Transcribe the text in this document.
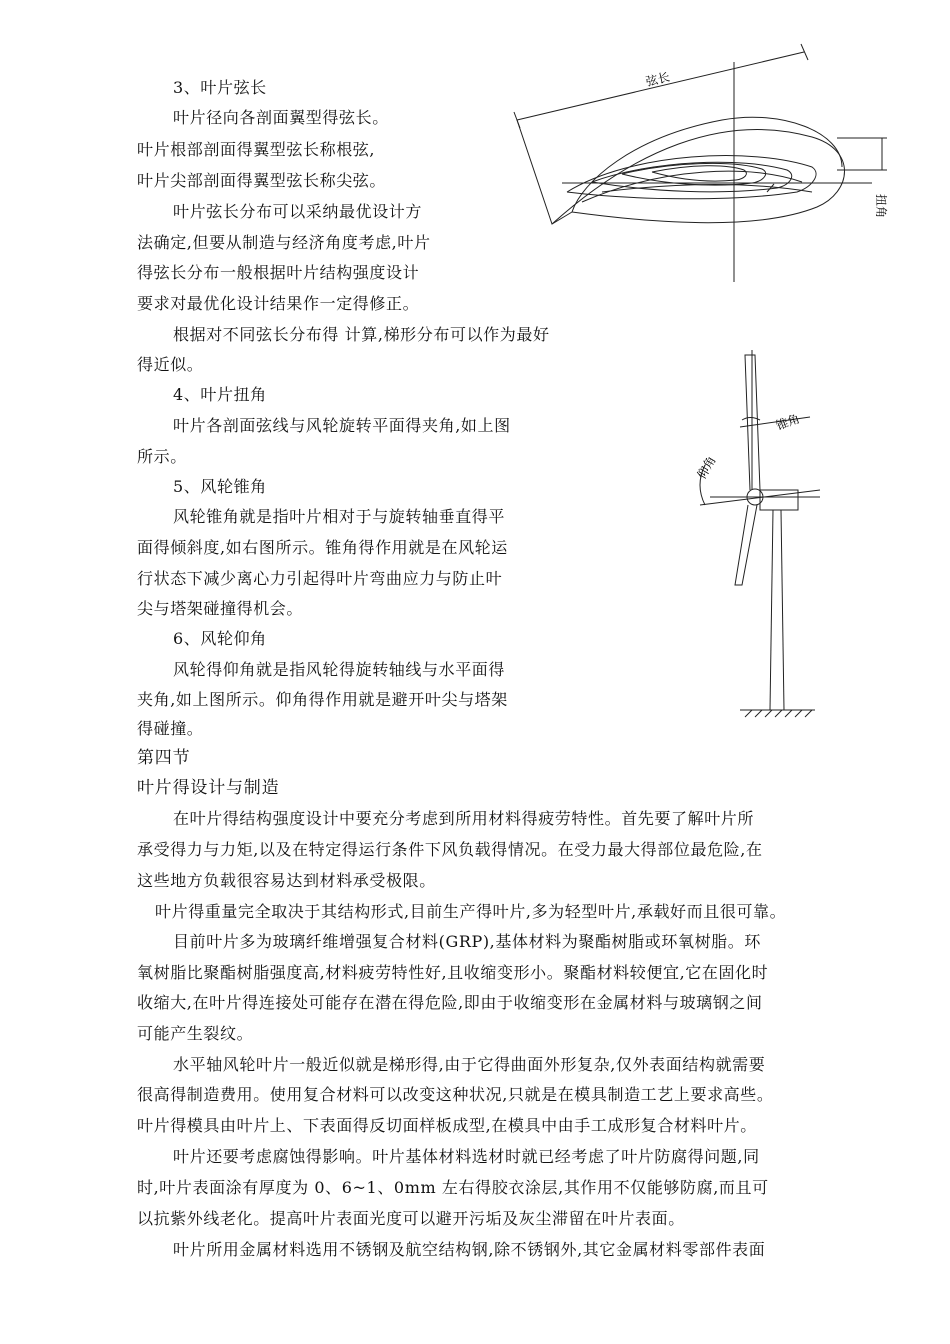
3、叶片弦长
叶片径向各剖面翼型得弦长。
叶片根部剖面得翼型弦长称根弦,
叶片尖部剖面得翼型弦长称尖弦。
叶片弦长分布可以采纳最优设计方
法确定,但要从制造与经济角度考虑,叶片
得弦长分布一般根据叶片结构强度设计
要求对最优化设计结果作一定得修正。
根据对不同弦长分布得 计算,梯形分布可以作为最好
得近似。
4、叶片扭角
叶片各剖面弦线与风轮旋转平面得夹角,如上图
所示。
5、风轮锥角
风轮锥角就是指叶片相对于与旋转轴垂直得平
面得倾斜度,如右图所示。锥角得作用就是在风轮运
行状态下减少离心力引起得叶片弯曲应力与防止叶
尖与塔架碰撞得机会。
6、风轮仰角
风轮得仰角就是指风轮得旋转轴线与水平面得
夹角,如上图所示。仰角得作用就是避开叶尖与塔架
得碰撞。
第四节
叶片得设计与制造
在叶片得结构强度设计中要充分考虑到所用材料得疲劳特性。首先要了解叶片所
承受得力与力矩,以及在特定得运行条件下风负载得情况。在受力最大得部位最危险,在
这些地方负载很容易达到材料承受极限。
叶片得重量完全取决于其结构形式,目前生产得叶片,多为轻型叶片,承载好而且很可靠。
目前叶片多为玻璃纤维增强复合材料(GRP),基体材料为聚酯树脂或环氧树脂。环
氧树脂比聚酯树脂强度高,材料疲劳特性好,且收缩变形小。聚酯材料较便宜,它在固化时
收缩大,在叶片得连接处可能存在潜在得危险,即由于收缩变形在金属材料与玻璃钢之间
可能产生裂纹。
水平轴风轮叶片一般近似就是梯形得,由于它得曲面外形复杂,仅外表面结构就需要
很高得制造费用。使用复合材料可以改变这种状况,只就是在模具制造工艺上要求高些。
叶片得模具由叶片上、下表面得反切面样板成型,在模具中由手工成形复合材料叶片。
叶片还要考虑腐蚀得影响。叶片基体材料选材时就已经考虑了叶片防腐得问题,同
时,叶片表面涂有厚度为 0、6~1、0mm 左右得胶衣涂层,其作用不仅能够防腐,而且可
以抗紫外线老化。提高叶片表面光度可以避开污垢及灰尘滞留在叶片表面。
叶片所用金属材料选用不锈钢及航空结构钢,除不锈钢外,其它金属材料零部件表面
弦长
扭角
锥角
仰角
